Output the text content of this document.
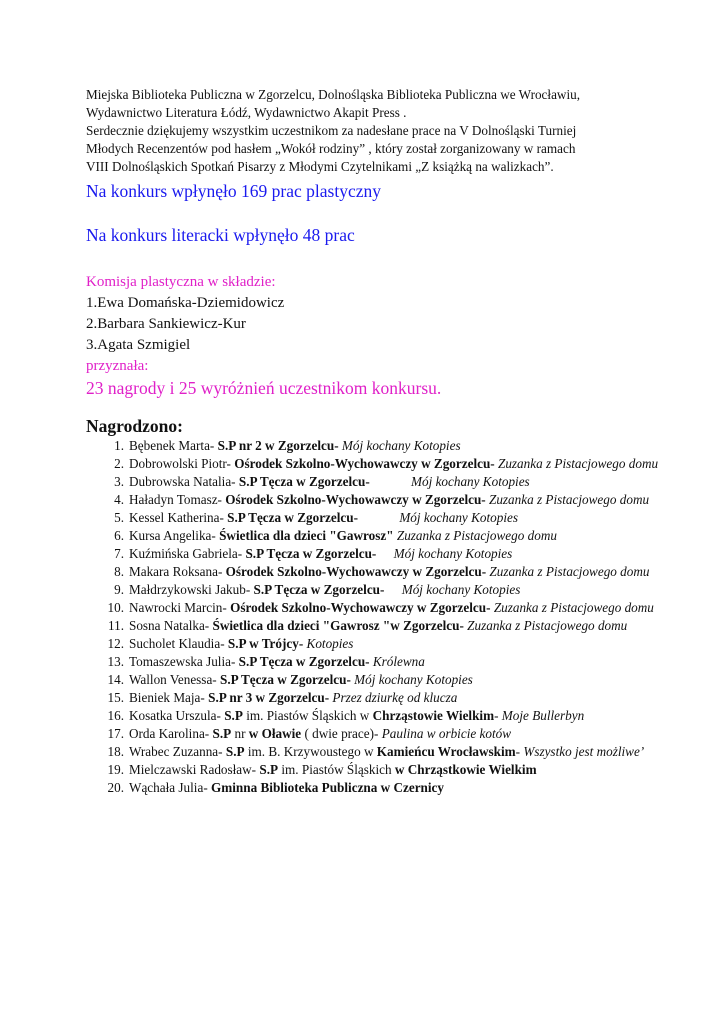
Miejska Biblioteka Publiczna w Zgorzelcu, Dolnośląska Biblioteka Publiczna we Wrocławiu,

Wydawnictwo Literatura Łódź, Wydawnictwo Akapit Press .

Serdecznie dziękujemy wszystkim uczestnikom za nadesłane prace na V Dolnośląski Turniej

Młodych Recenzentów pod hasłem „Wokół rodziny” , który został zorganizowany w ramach

VIII Dolnośląskich Spotkań Pisarzy z Młodymi Czytelnikami „Z książką na walizkach”.

Na konkurs wpłynęło 169 prac plastyczny
Na konkurs literacki wpłynęło 48 prac
Komisja plastyczna w składzie:
1.Ewa Domańska-Dziemidowicz
2.Barbara Sankiewicz-Kur
3.Agata Szmigiel
przyznała:
23 nagrody i 25 wyróżnień uczestnikom konkursu.
Nagrodzono:
1. Bębenek Marta- S.P nr 2 w Zgorzelcu- Mój kochany Kotopies
2. Dobrowolski Piotr- Ośrodek Szkolno-Wychowawczy w Zgorzelcu- Zuzanka z Pistacjowego domu
3. Dubrowska Natalia- S.P Tęcza w Zgorzelcu-	Mój kochany Kotopies
4. Haładyn Tomasz- Ośrodek Szkolno-Wychowawczy w Zgorzelcu- Zuzanka z Pistacjowego domu
5. Kessel Katherina- S.P Tęcza w Zgorzelcu-	Mój kochany Kotopies
6. Kursa Angelika- Świetlica dla dzieci "Gawrosz" Zuzanka z Pistacjowego domu
7. Kuźmińska Gabriela- S.P Tęcza w Zgorzelcu- Mój kochany Kotopies
8. Makara Roksana- Ośrodek Szkolno-Wychowawczy w Zgorzelcu- Zuzanka z Pistacjowego domu
9. Małdrzykowski Jakub- S.P Tęcza w Zgorzelcu- Mój kochany Kotopies
10. Nawrocki Marcin- Ośrodek Szkolno-Wychowawczy w Zgorzelcu- Zuzanka z Pistacjowego domu
11. Sosna Natalka- Świetlica dla dzieci "Gawrosz "w Zgorzelcu- Zuzanka z Pistacjowego domu
12. Sucholet Klaudia- S.P w Trójcy- Kotopies
13. Tomaszewska Julia- S.P Tęcza w Zgorzelcu- Królewna
14. Wallon Venessa- S.P Tęcza w Zgorzelcu- Mój kochany Kotopies
15. Bieniek Maja- S.P nr 3 w Zgorzelcu- Przez dziurkę od klucza
16. Kosatka Urszula- S.P im. Piastów Śląskich w Chrząstowie Wielkim- Moje Bullerbyn
17. Orda Karolina- S.P nr w Oławie ( dwie prace)- Paulina w orbicie kotów
18. Wrabec Zuzanna- S.P im. B. Krzywoustego w Kamieńcu Wrocławskim- Wszystko jest możliwe’
19. Mielczawski Radosław- S.P im. Piastów Śląskich w Chrząstkowie Wielkim
20. Wąchała Julia- Gminna Biblioteka Publiczna w Czernicy
